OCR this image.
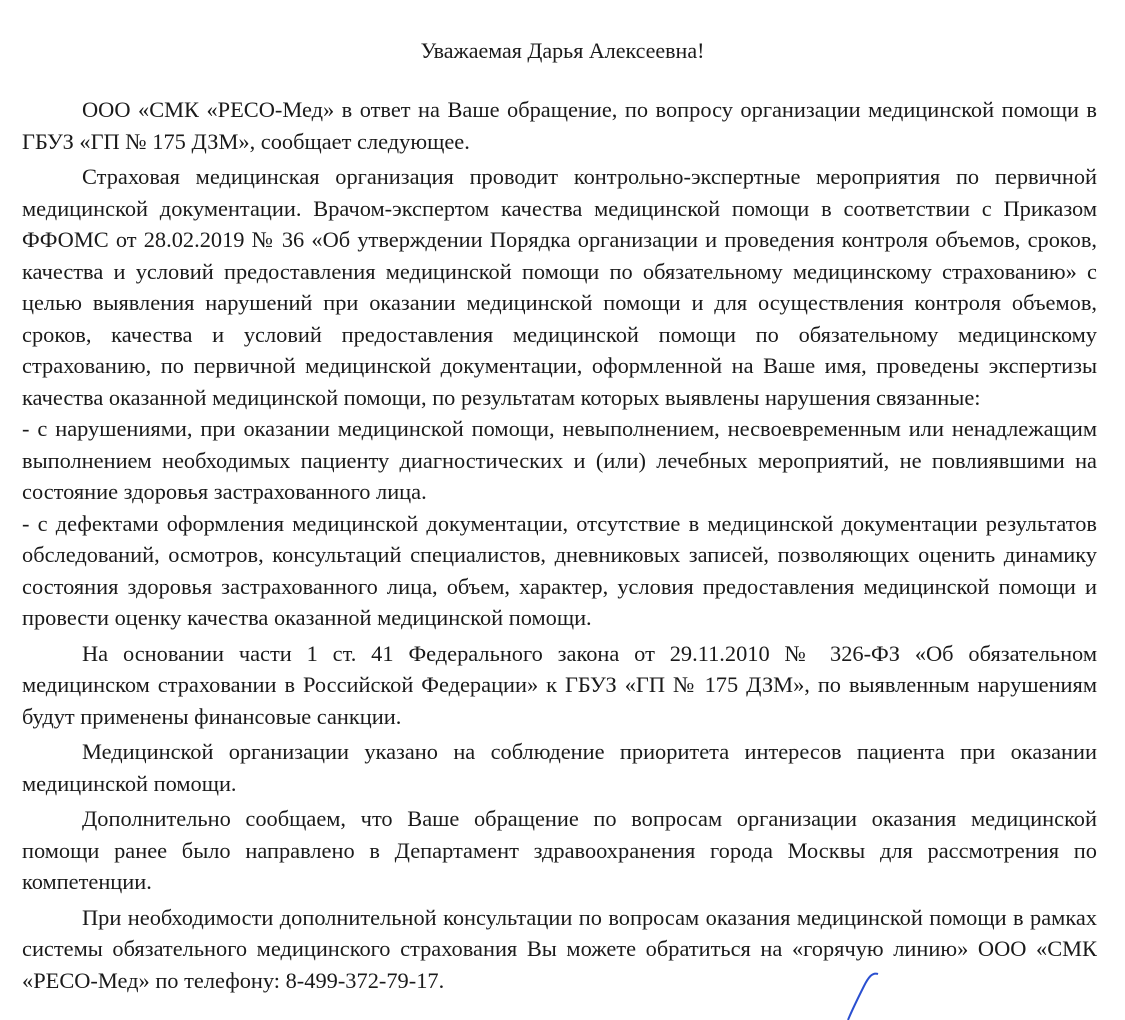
Уважаемая Дарья Алексеевна!

ООО «СМК «РЕСО-Мед» в ответ на Ваше обращение, по вопросу организации медицинской помощи в ГБУЗ «ГП № 175 ДЗМ», сообщает следующее.

Страховая медицинская организация проводит контрольно-экспертные мероприятия по первичной медицинской документации. Врачом-экспертом качества медицинской помощи в соответствии с Приказом ФФОМС от 28.02.2019 № 36 «Об утверждении Порядка организации и проведения контроля объемов, сроков, качества и условий предоставления медицинской помощи по обязательному медицинскому страхованию» с целью выявления нарушений при оказании медицинской помощи и для осуществления контроля объемов, сроков, качества и условий предоставления медицинской помощи по обязательному медицинскому страхованию, по первичной медицинской документации, оформленной на Ваше имя, проведены экспертизы качества оказанной медицинской помощи, по результатам которых выявлены нарушения связанные:

- с нарушениями, при оказании медицинской помощи, невыполнением, несвоевременным или ненадлежащим выполнением необходимых пациенту диагностических и (или) лечебных мероприятий, не повлиявшими на состояние здоровья застрахованного лица.

- с дефектами оформления медицинской документации, отсутствие в медицинской документации результатов обследований, осмотров, консультаций специалистов, дневниковых записей, позволяющих оценить динамику состояния здоровья застрахованного лица, объем, характер, условия предоставления медицинской помощи и провести оценку качества оказанной медицинской помощи.

На основании части 1 ст. 41 Федерального закона от 29.11.2010 № 326-ФЗ «Об обязательном медицинском страховании в Российской Федерации» к ГБУЗ «ГП № 175 ДЗМ», по выявленным нарушениям будут применены финансовые санкции.

Медицинской организации указано на соблюдение приоритета интересов пациента при оказании медицинской помощи.

Дополнительно сообщаем, что Ваше обращение по вопросам организации оказания медицинской помощи ранее было направлено в Департамент здравоохранения города Москвы для рассмотрения по компетенции.

При необходимости дополнительной консультации по вопросам оказания медицинской помощи в рамках системы обязательного медицинского страхования Вы можете обратиться на «горячую линию» ООО «СМК «РЕСО-Мед» по телефону: 8-499-372-79-17.
